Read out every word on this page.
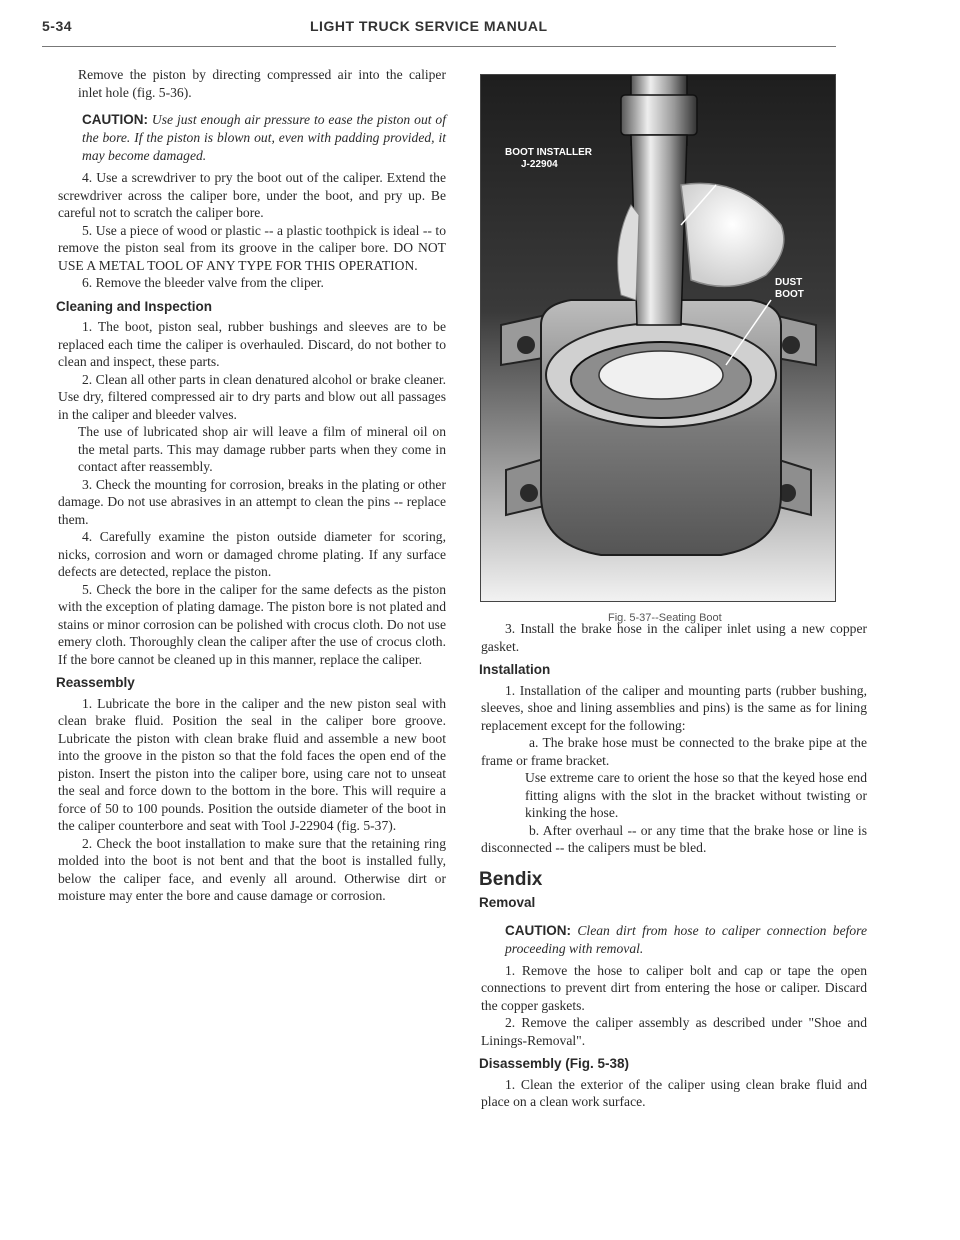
5-34	LIGHT TRUCK SERVICE MANUAL

Remove the piston by directing compressed air into the caliper inlet hole (fig. 5-36).

CAUTION: Use just enough air pressure to ease the piston out of the bore. If the piston is blown out, even with padding provided, it may become damaged.

4. Use a screwdriver to pry the boot out of the caliper. Extend the screwdriver across the caliper bore, under the boot, and pry up. Be careful not to scratch the caliper bore.

5. Use a piece of wood or plastic -- a plastic toothpick is ideal -- to remove the piston seal from its groove in the caliper bore. DO NOT USE A METAL TOOL OF ANY TYPE FOR THIS OPERATION.

6. Remove the bleeder valve from the cliper.

Cleaning and Inspection

1. The boot, piston seal, rubber bushings and sleeves are to be replaced each time the caliper is overhauled. Discard, do not bother to clean and inspect, these parts.

2. Clean all other parts in clean denatured alcohol or brake cleaner. Use dry, filtered compressed air to dry parts and blow out all passages in the caliper and bleeder valves.

The use of lubricated shop air will leave a film of mineral oil on the metal parts. This may damage rubber parts when they come in contact after reassembly.

3. Check the mounting for corrosion, breaks in the plating or other damage. Do not use abrasives in an attempt to clean the pins -- replace them.

4. Carefully examine the piston outside diameter for scoring, nicks, corrosion and worn or damaged chrome plating. If any surface defects are detected, replace the piston.

5. Check the bore in the caliper for the same defects as the piston with the exception of plating damage. The piston bore is not plated and stains or minor corrosion can be polished with crocus cloth. Do not use emery cloth. Thoroughly clean the caliper after the use of crocus cloth. If the bore cannot be cleaned up in this manner, replace the caliper.

Reassembly

1. Lubricate the bore in the caliper and the new piston seal with clean brake fluid. Position the seal in the caliper bore groove. Lubricate the piston with clean brake fluid and assemble a new boot into the groove in the piston so that the fold faces the open end of the piston. Insert the piston into the caliper bore, using care not to unseat the seal and force down to the bottom in the bore. This will require a force of 50 to 100 pounds. Position the outside diameter of the boot in the caliper counterbore and seat with Tool J-22904 (fig. 5-37).

2. Check the boot installation to make sure that the retaining ring molded into the boot is not bent and that the boot is installed fully, below the caliper face, and evenly all around. Otherwise dirt or moisture may enter the bore and cause damage or corrosion.

BOOT INSTALLER
J-22904
DUST
BOOT
Fig. 5-37--Seating Boot

3. Install the brake hose in the caliper inlet using a new copper gasket.

Installation

1. Installation of the caliper and mounting parts (rubber bushing, sleeves, shoe and lining assemblies and pins) is the same as for lining replacement except for the following:

a. The brake hose must be connected to the brake pipe at the frame or frame bracket.

Use extreme care to orient the hose so that the keyed hose end fitting aligns with the slot in the bracket without twisting or kinking the hose.

b. After overhaul -- or any time that the brake hose or line is disconnected -- the calipers must be bled.

Bendix

Removal

CAUTION: Clean dirt from hose to caliper connection before proceeding with removal.

1. Remove the hose to caliper bolt and cap or tape the open connections to prevent dirt from entering the hose or caliper. Discard the copper gaskets.

2. Remove the caliper assembly as described under "Shoe and Linings-Removal".

Disassembly (Fig. 5-38)

1. Clean the exterior of the caliper using clean brake fluid and place on a clean work surface.
